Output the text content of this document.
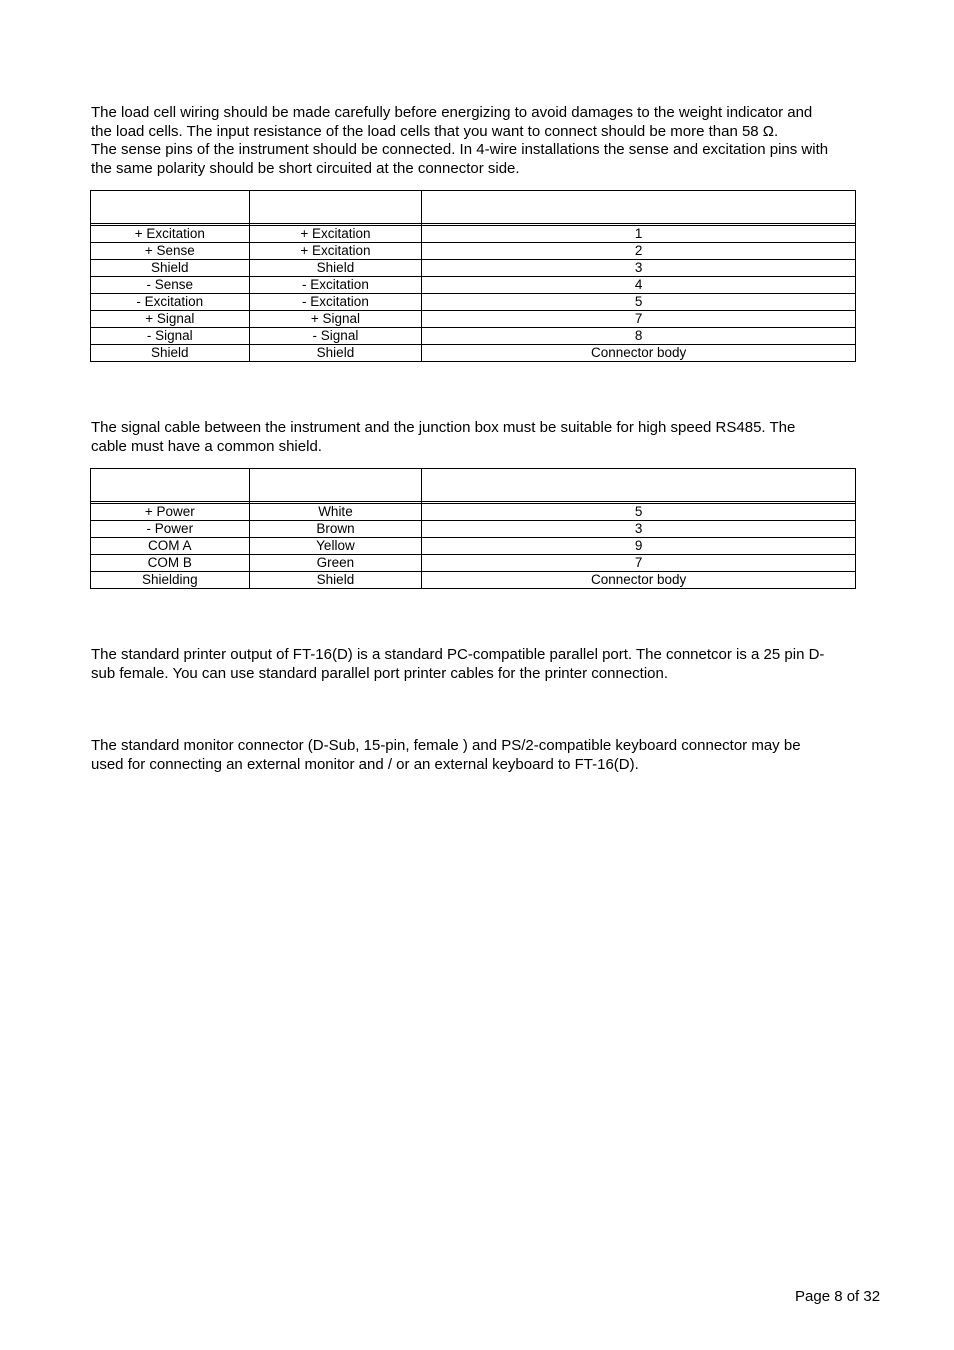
The load cell wiring should be made carefully before energizing to avoid damages to the weight indicator and
the load cells. The input resistance of the load cells that you want to connect should be more than 58 Ω.
The sense pins of the instrument should be connected. In 4-wire installations the sense and excitation pins with
the same polarity should be short circuited at the connector side.

+ Excitation	+ Excitation	1
+ Sense	+ Excitation	2
Shield	Shield	3
- Sense	- Excitation	4
- Excitation	- Excitation	5
+ Signal	+ Signal	7
- Signal	- Signal	8
Shield	Shield	Connector body

The signal cable between the instrument and the junction box must be suitable for high speed RS485. The
cable must have a common shield.

+ Power	White	5
- Power	Brown	3
COM A	Yellow	9
COM B	Green	7
Shielding	Shield	Connector body

The standard printer output of FT-16(D) is a standard PC-compatible parallel port. The connetcor is a 25 pin D-
sub female. You can use standard parallel port printer cables for the printer connection.

The standard monitor connector (D-Sub, 15-pin, female ) and PS/2-compatible keyboard connector may be
used for connecting an external monitor and / or an external keyboard to FT-16(D).

Page 8 of 32
